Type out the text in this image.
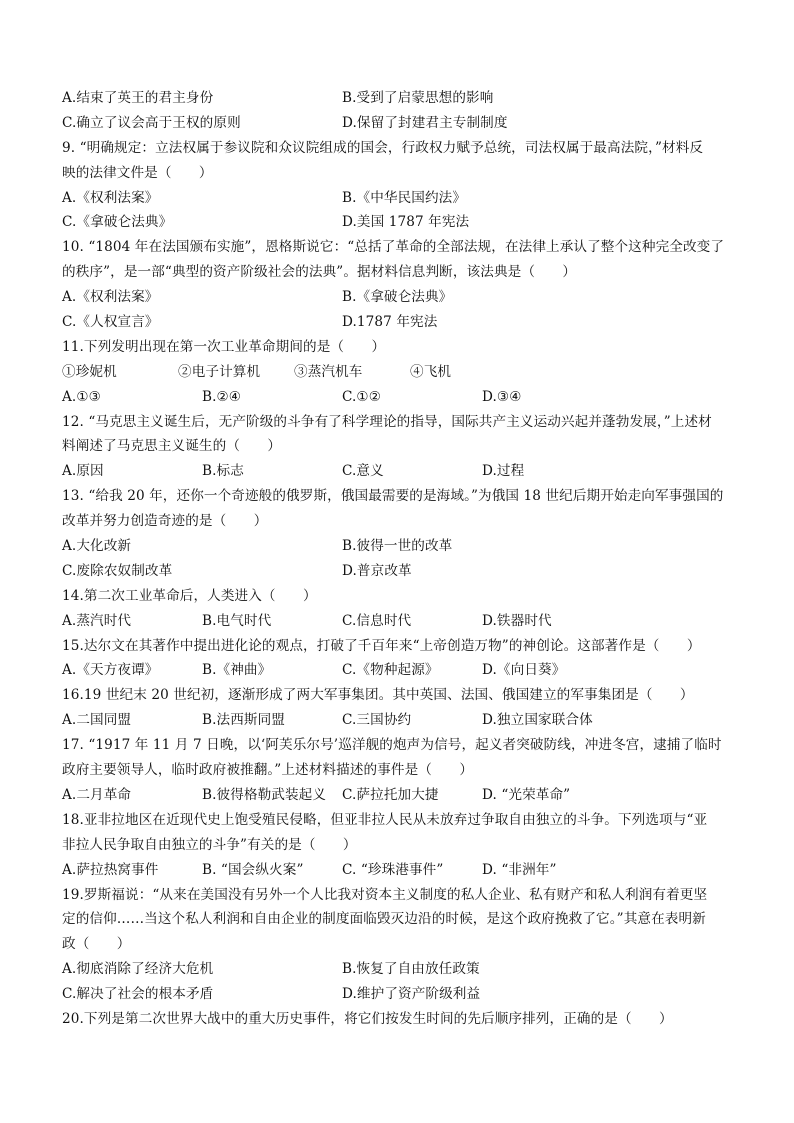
A.结束了英王的君主身份	B.受到了启蒙思想的影响
C.确立了议会高于王权的原则	D.保留了封建君主专制制度
9. “明确规定：立法权属于参议院和众议院组成的国会，行政权力赋予总统，司法权属于最高法院，”材料反
映的法律文件是（　　）
A.《权利法案》	B.《中华民国约法》
C.《拿破仑法典》	D.美国 1787 年宪法
10. “1804 年在法国颁布实施”，恩格斯说它：“总括了革命的全部法规，在法律上承认了整个这种完全改变了
的秩序”，是一部“典型的资产阶级社会的法典”。据材料信息判断，该法典是（　　）
A.《权利法案》	B.《拿破仑法典》
C.《人权宣言》	D.1787 年宪法
11.下列发明出现在第一次工业革命期间的是（　　）
①珍妮机	②电子计算机	③蒸汽机车	④飞机
A.①③	B.②④	C.①②	D.③④
12. “马克思主义诞生后，无产阶级的斗争有了科学理论的指导，国际共产主义运动兴起并蓬勃发展，”上述材
料阐述了马克思主义诞生的（　　）
A.原因	B.标志	C.意义	D.过程
13. “给我 20 年，还你一个奇迹般的俄罗斯，俄国最需要的是海域。”为俄国 18 世纪后期开始走向军事强国的
改革并努力创造奇迹的是（　　）
A.大化改新	B.彼得一世的改革
C.废除农奴制改革	D.普京改革
14.第二次工业革命后，人类进入（　　）
A.蒸汽时代	B.电气时代	C.信息时代	D.铁器时代
15.达尔文在其著作中提出进化论的观点，打破了千百年来“上帝创造万物”的神创论。这部著作是（　　）
A.《天方夜谭》	B.《神曲》	C.《物种起源》	D.《向日葵》
16.19 世纪末 20 世纪初，逐渐形成了两大军事集团。其中英国、法国、俄国建立的军事集团是（　　）
A.二国同盟	B.法西斯同盟	C.三国协约	D.独立国家联合体
17. “1917 年 11 月 7 日晚，以‘阿芙乐尔号’巡洋舰的炮声为信号，起义者突破防线，冲进冬宫，逮捕了临时
政府主要领导人，临时政府被推翻。”上述材料描述的事件是（　　）
A.二月革命	B.彼得格勒武装起义	C.萨拉托加大捷	D. “光荣革命”
18.亚非拉地区在近现代史上饱受殖民侵略，但亚非拉人民从未放弃过争取自由独立的斗争。下列选项与“亚
非拉人民争取自由独立的斗争”有关的是（　　）
A.萨拉热窝事件	B. “国会纵火案”	C. “珍珠港事件”	D. “非洲年”
19.罗斯福说：“从来在美国没有另外一个人比我对资本主义制度的私人企业、私有财产和私人利润有着更坚
定的信仰……当这个私人利润和自由企业的制度面临毁灭边沿的时候，是这个政府挽救了它。”其意在表明新
政（　　）
A.彻底消除了经济大危机	B.恢复了自由放任政策
C.解决了社会的根本矛盾	D.维护了资产阶级利益
20.下列是第二次世界大战中的重大历史事件，将它们按发生时间的先后顺序排列，正确的是（　　）
